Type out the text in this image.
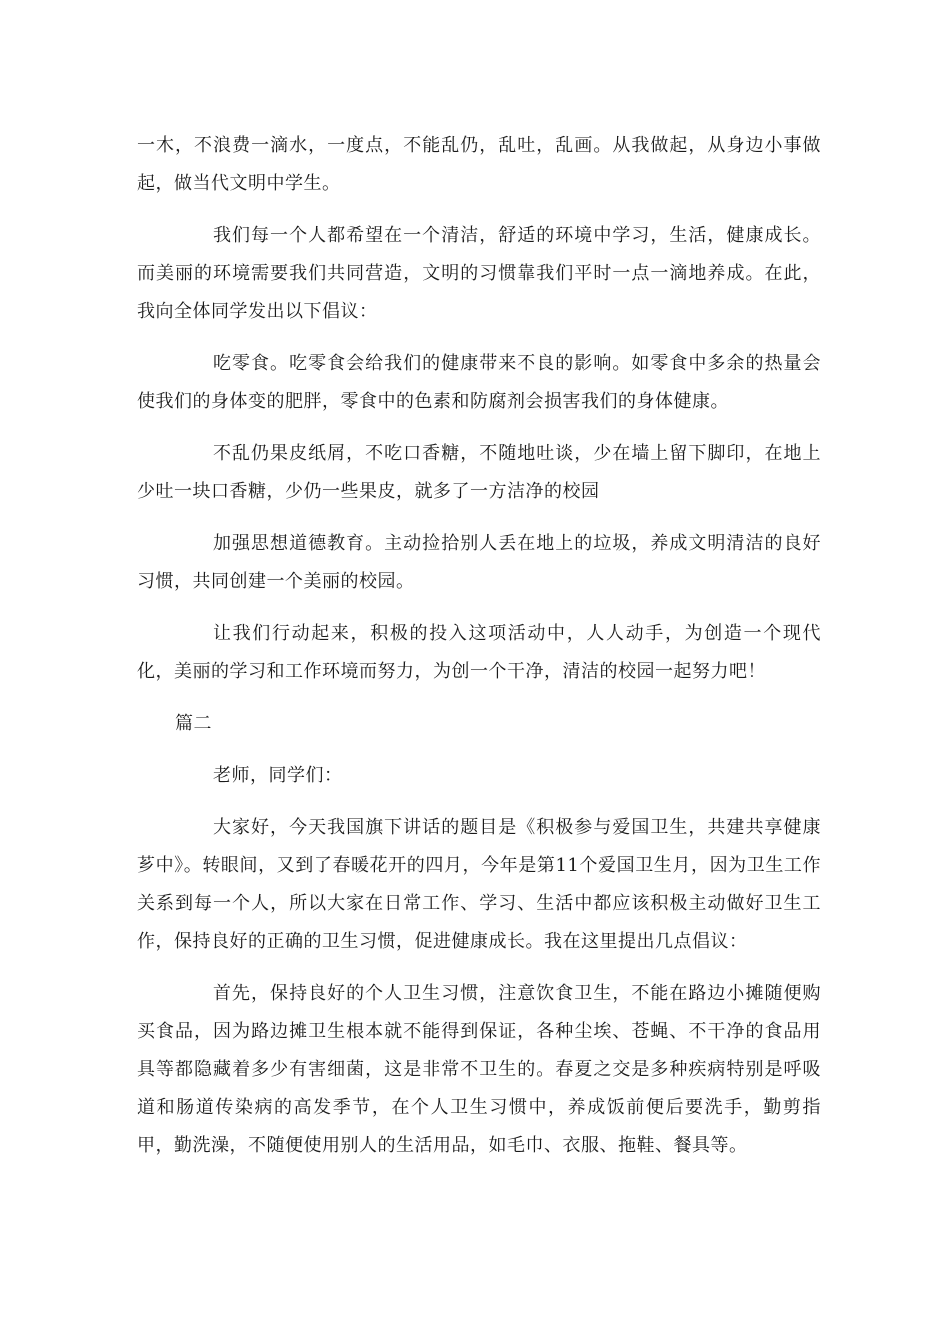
一木，不浪费一滴水，一度点，不能乱仍，乱吐，乱画。从我做起，从身边小事做起，做当代文明中学生。

我们每一个人都希望在一个清洁，舒适的环境中学习，生活，健康成长。而美丽的环境需要我们共同营造，文明的习惯靠我们平时一点一滴地养成。在此，我向全体同学发出以下倡议：

吃零食。吃零食会给我们的健康带来不良的影响。如零食中多余的热量会使我们的身体变的肥胖，零食中的色素和防腐剂会损害我们的身体健康。

不乱仍果皮纸屑，不吃口香糖，不随地吐谈，少在墙上留下脚印，在地上少吐一块口香糖，少仍一些果皮，就多了一方洁净的校园

加强思想道德教育。主动捡拾别人丢在地上的垃圾，养成文明清洁的良好习惯，共同创建一个美丽的校园。

让我们行动起来，积极的投入这项活动中，人人动手，为创造一个现代化，美丽的学习和工作环境而努力，为创一个干净，清洁的校园一起努力吧！

篇二

老师，同学们：

大家好，今天我国旗下讲话的题目是《积极参与爱国卫生，共建共享健康芗中》。转眼间，又到了春暖花开的四月，今年是第11个爱国卫生月，因为卫生工作关系到每一个人，所以大家在日常工作、学习、生活中都应该积极主动做好卫生工作，保持良好的正确的卫生习惯，促进健康成长。我在这里提出几点倡议：

首先，保持良好的个人卫生习惯，注意饮食卫生，不能在路边小摊随便购买食品，因为路边摊卫生根本就不能得到保证，各种尘埃、苍蝇、不干净的食品用具等都隐藏着多少有害细菌，这是非常不卫生的。春夏之交是多种疾病特别是呼吸道和肠道传染病的高发季节，在个人卫生习惯中，养成饭前便后要洗手，勤剪指甲，勤洗澡，不随便使用别人的生活用品，如毛巾、衣服、拖鞋、餐具等。
